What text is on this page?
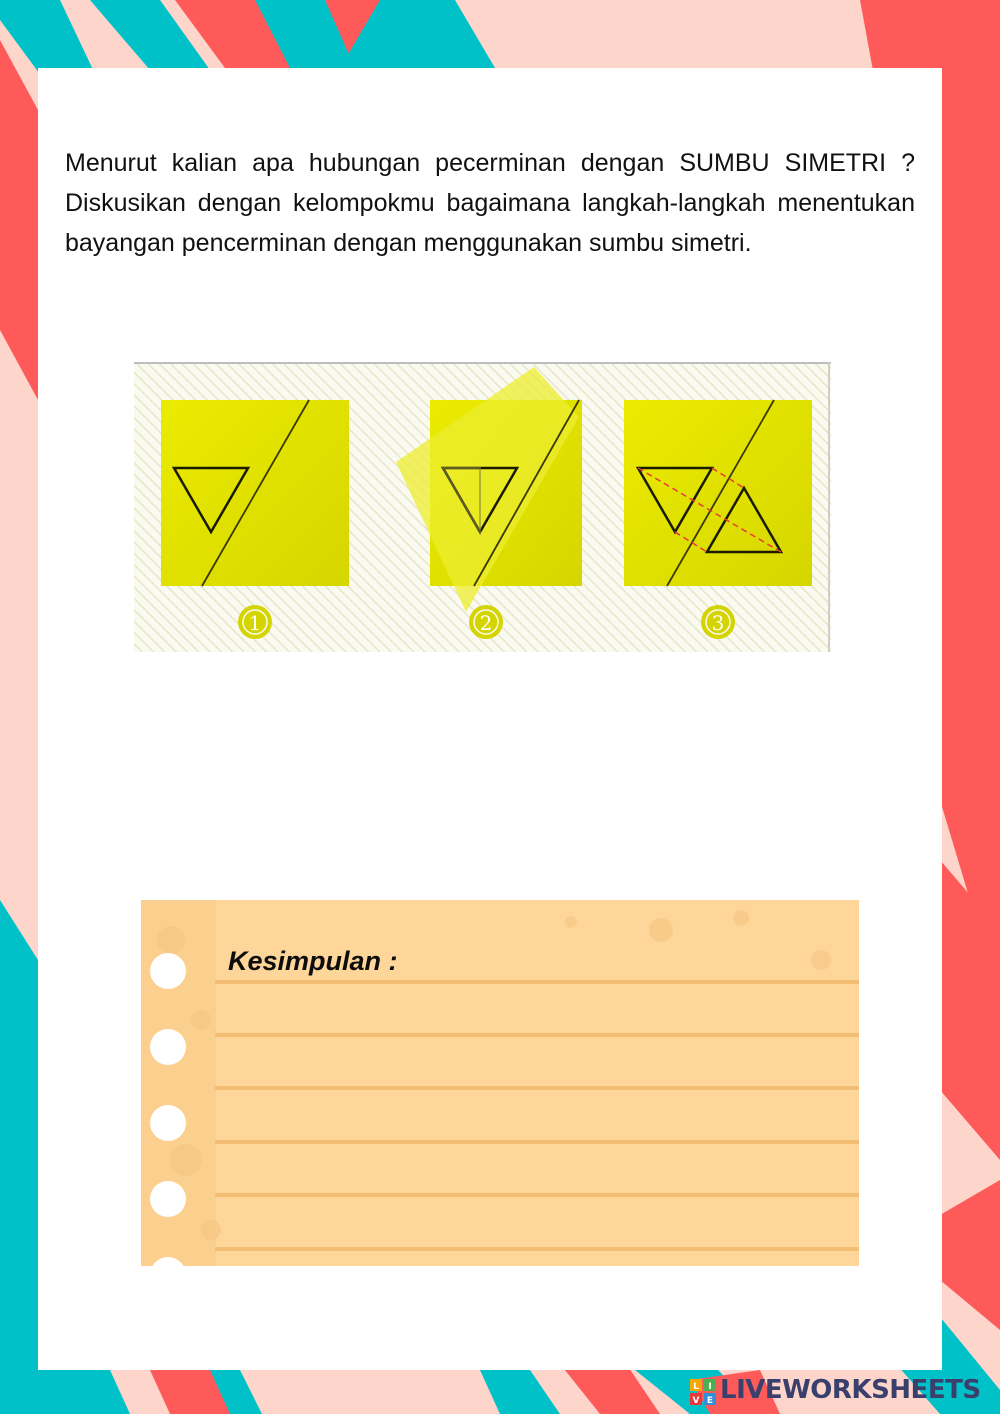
Menurut kalian apa hubungan pecerminan dengan SUMBU SIMETRI ? Diskusikan dengan kelompokmu bagaimana langkah-langkah menentukan bayangan pencerminan dengan menggunakan sumbu simetri.

1	2	3
Kesimpulan :
L I
V E LIVEWORKSHEETS
